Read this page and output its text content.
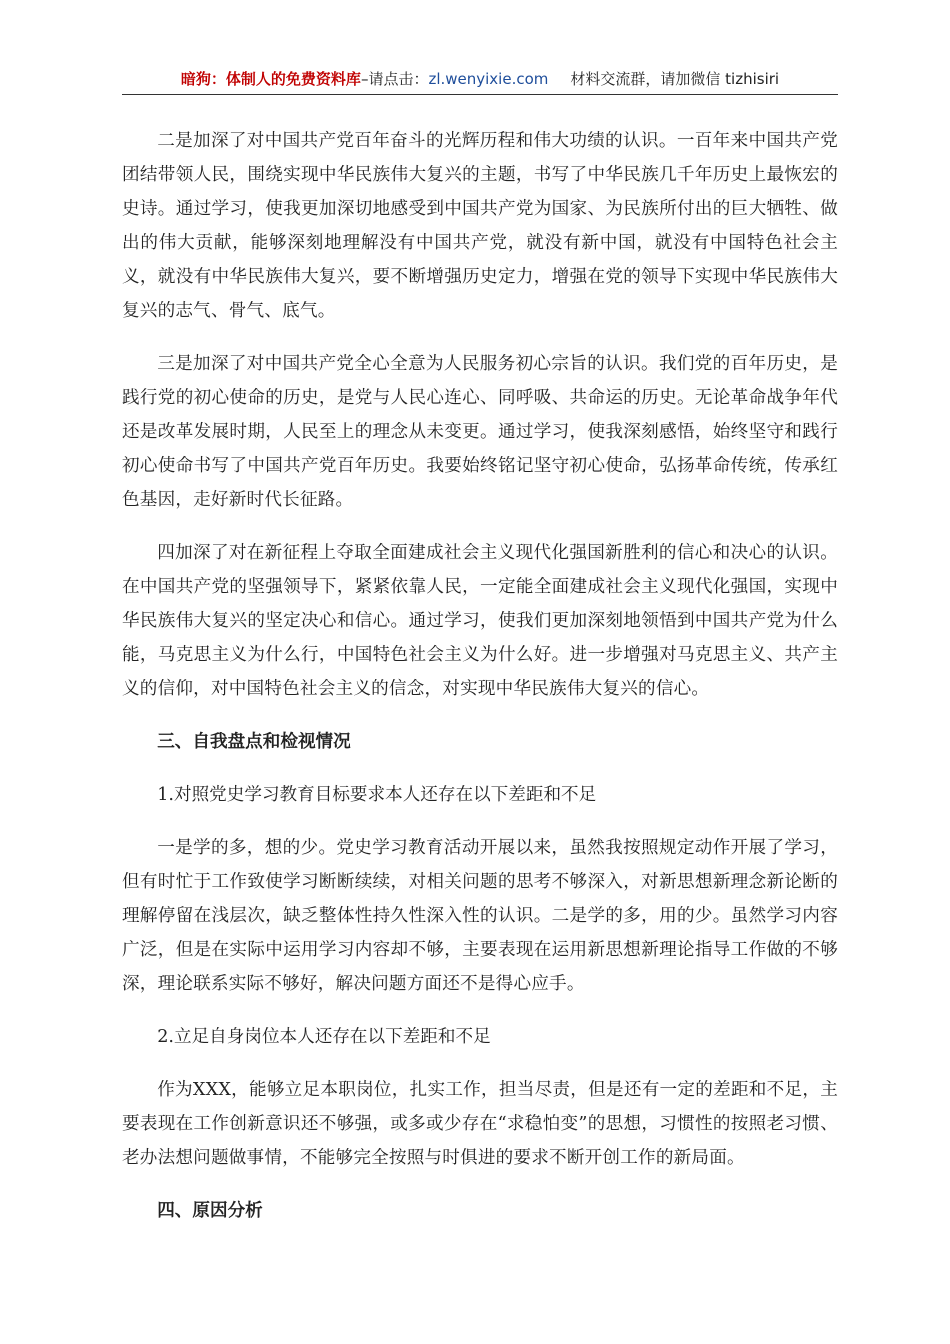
暗狗：体制人的免费资料库–请点击：zl.wenyixie.com 材料交流群，请加微信 tizhisiri

二是加深了对中国共产党百年奋斗的光辉历程和伟大功绩的认识。一百年来中国共产党团结带领人民，围绕实现中华民族伟大复兴的主题，书写了中华民族几千年历史上最恢宏的史诗。通过学习，使我更加深切地感受到中国共产党为国家、为民族所付出的巨大牺牲、做出的伟大贡献，能够深刻地理解没有中国共产党，就没有新中国，就没有中国特色社会主义，就没有中华民族伟大复兴，要不断增强历史定力，增强在党的领导下实现中华民族伟大复兴的志气、骨气、底气。

三是加深了对中国共产党全心全意为人民服务初心宗旨的认识。我们党的百年历史，是践行党的初心使命的历史，是党与人民心连心、同呼吸、共命运的历史。无论革命战争年代还是改革发展时期，人民至上的理念从未变更。通过学习，使我深刻感悟，始终坚守和践行初心使命书写了中国共产党百年历史。我要始终铭记坚守初心使命，弘扬革命传统，传承红色基因，走好新时代长征路。

四加深了对在新征程上夺取全面建成社会主义现代化强国新胜利的信心和决心的认识。在中国共产党的坚强领导下，紧紧依靠人民，一定能全面建成社会主义现代化强国，实现中华民族伟大复兴的坚定决心和信心。通过学习，使我们更加深刻地领悟到中国共产党为什么能，马克思主义为什么行，中国特色社会主义为什么好。进一步增强对马克思主义、共产主义的信仰，对中国特色社会主义的信念，对实现中华民族伟大复兴的信心。

三、自我盘点和检视情况

1.对照党史学习教育目标要求本人还存在以下差距和不足

一是学的多，想的少。党史学习教育活动开展以来，虽然我按照规定动作开展了学习，但有时忙于工作致使学习断断续续，对相关问题的思考不够深入，对新思想新理念新论断的理解停留在浅层次，缺乏整体性持久性深入性的认识。二是学的多，用的少。虽然学习内容广泛，但是在实际中运用学习内容却不够，主要表现在运用新思想新理论指导工作做的不够深，理论联系实际不够好，解决问题方面还不是得心应手。

2.立足自身岗位本人还存在以下差距和不足

作为XXX，能够立足本职岗位，扎实工作，担当尽责，但是还有一定的差距和不足，主要表现在工作创新意识还不够强，或多或少存在“求稳怕变”的思想，习惯性的按照老习惯、老办法想问题做事情，不能够完全按照与时俱进的要求不断开创工作的新局面。

四、原因分析
